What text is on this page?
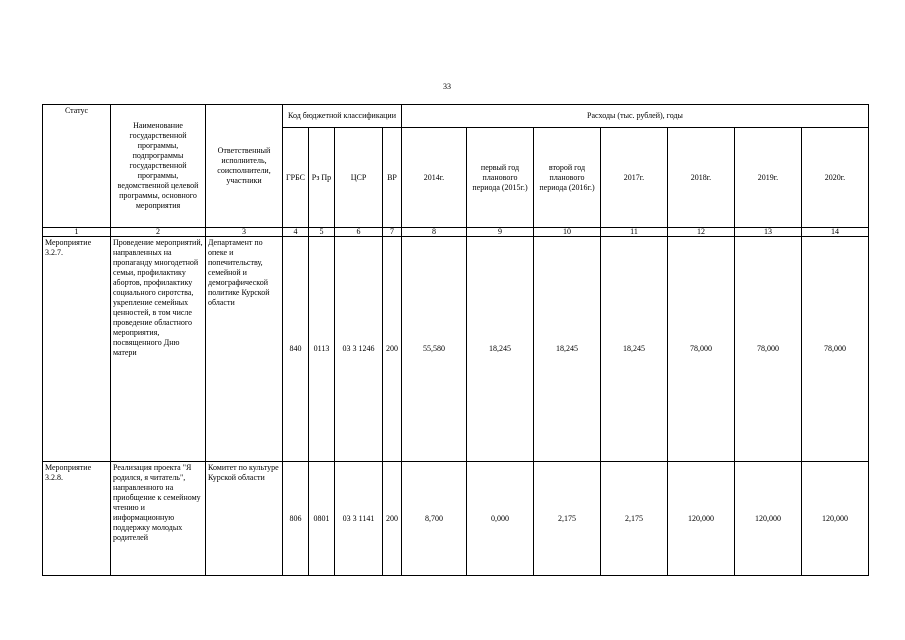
33
Статус	Наименование государственной программы, подпрограммы государственной программы, ведомственной целевой программы, основного мероприятия	Ответственный исполнитель, соисполнители, участники	Код бюджетной классификации				Расходы (тыс. рублей), годы						
			ГРБС	Рз Пр	ЦСР	ВР	2014г.	первый год планового периода (2015г.)	второй год планового периода (2016г.)	2017г.	2018г.	2019г.	2020г.
1	2	3	4	5	6	7	8	9	10	11	12	13	14
Мероприятие 3.2.7.	Проведение мероприятий, направленных на пропаганду многодетной семьи, профилактику абортов, профилактику социального сиротства, укрепление семейных ценностей, в том числе проведение областного мероприятия, посвященного Дню матери	Департамент по опеке и попечительству, семейной и демографической политике Курской области	840	0113	03 3 1246	200	55,580	18,245	18,245	18,245	78,000	78,000	78,000
Мероприятие 3.2.8.	Реализация проекта "Я родился, я читатель", направленного на приобщение к семейному чтению и информационную поддержку молодых родителей	Комитет по культуре Курской области	806	0801	03 3 1141	200	8,700	0,000	2,175	2,175	120,000	120,000	120,000
